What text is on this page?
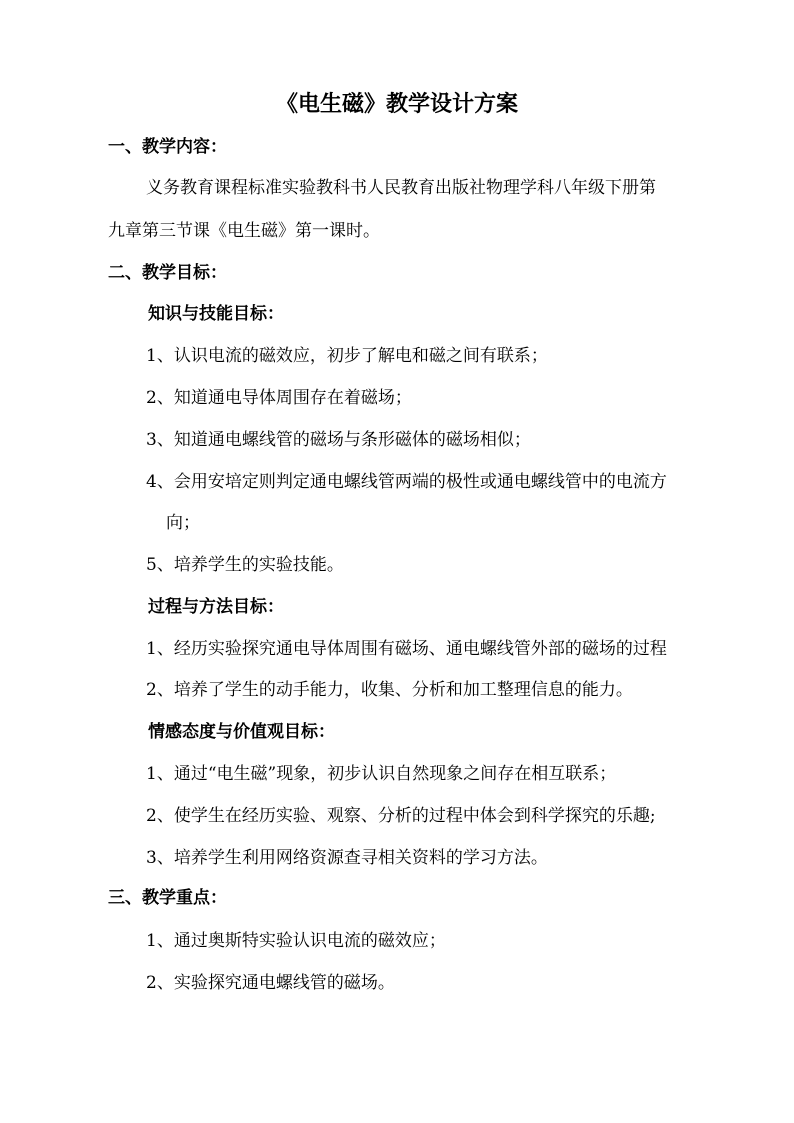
《电生磁》教学设计方案
一、教学内容：
义务教育课程标准实验教科书人民教育出版社物理学科八年级下册第
九章第三节课《电生磁》第一课时。
二、教学目标：
知识与技能目标：
1、认识电流的磁效应，初步了解电和磁之间有联系；
2、知道通电导体周围存在着磁场；
3、知道通电螺线管的磁场与条形磁体的磁场相似；
4、会用安培定则判定通电螺线管两端的极性或通电螺线管中的电流方
向；
5、培养学生的实验技能。
过程与方法目标：
1、经历实验探究通电导体周围有磁场、通电螺线管外部的磁场的过程
2、培养了学生的动手能力，收集、分析和加工整理信息的能力。
情感态度与价值观目标：
1、通过“电生磁”现象，初步认识自然现象之间存在相互联系；
2、使学生在经历实验、观察、分析的过程中体会到科学探究的乐趣;
3、培养学生利用网络资源查寻相关资料的学习方法。
三、教学重点：
1、通过奥斯特实验认识电流的磁效应；
2、实验探究通电螺线管的磁场。
